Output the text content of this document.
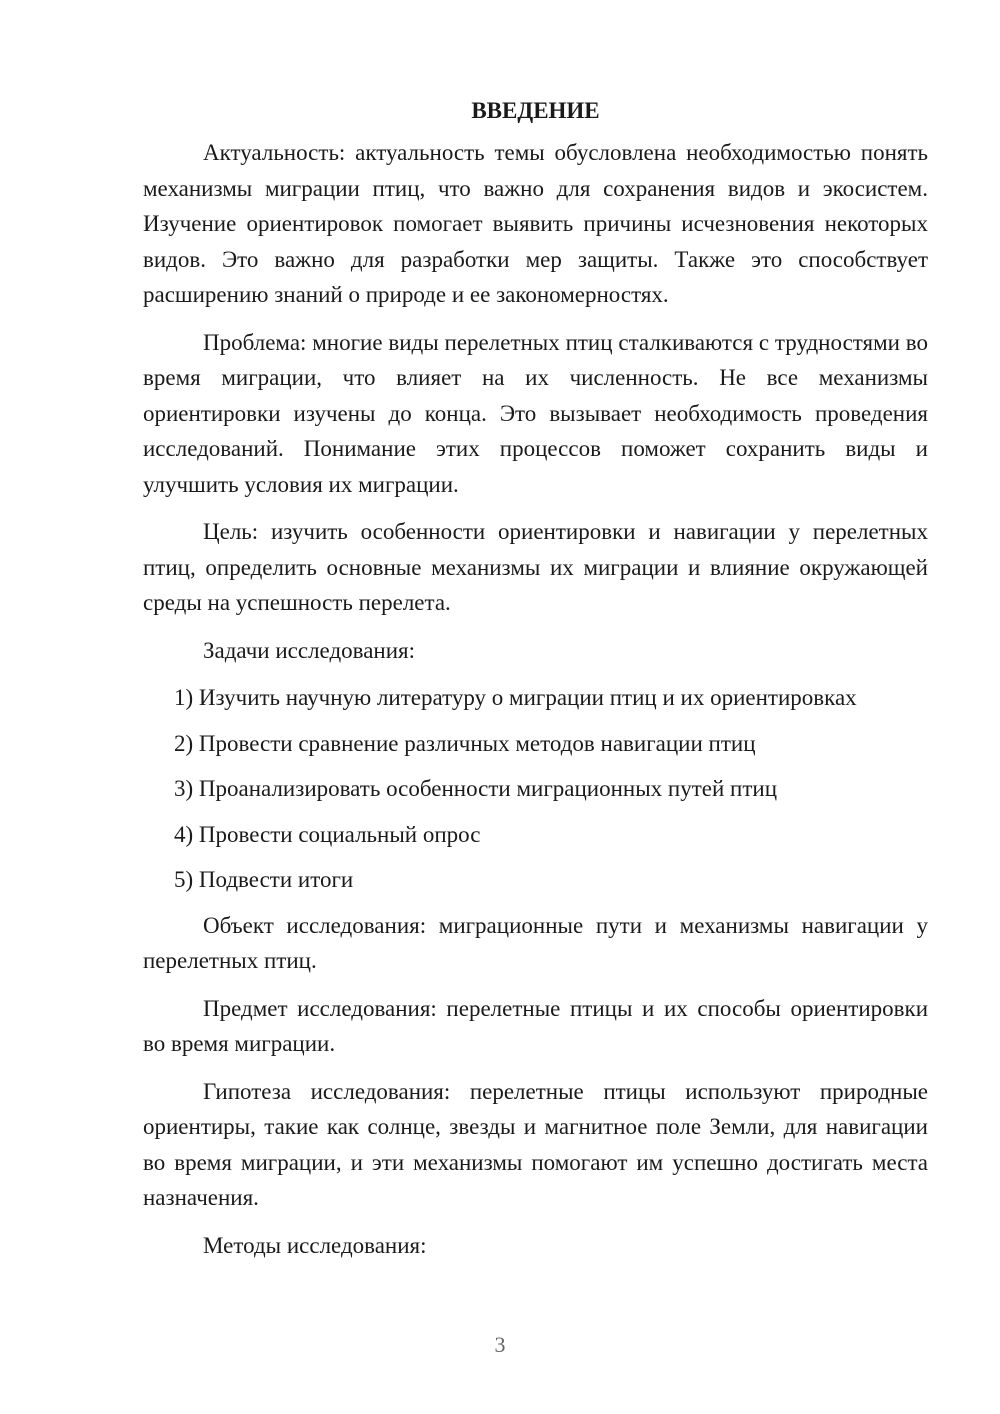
ВВЕДЕНИЕ

Актуальность: актуальность темы обусловлена необходимостью понять механизмы миграции птиц, что важно для сохранения видов и экосистем. Изучение ориентировок помогает выявить причины исчезновения некоторых видов. Это важно для разработки мер защиты. Также это способствует расширению знаний о природе и ее закономерностях.

Проблема: многие виды перелетных птиц сталкиваются с трудностями во время миграции, что влияет на их численность. Не все механизмы ориентировки изучены до конца. Это вызывает необходимость проведения исследований. Понимание этих процессов поможет сохранить виды и улучшить условия их миграции.

Цель: изучить особенности ориентировки и навигации у перелетных птиц, определить основные механизмы их миграции и влияние окружающей среды на успешность перелета.

Задачи исследования:

1) Изучить научную литературу о миграции птиц и их ориентировках
2) Провести сравнение различных методов навигации птиц
3) Проанализировать особенности миграционных путей птиц
4) Провести социальный опрос
5) Подвести итоги

Объект исследования: миграционные пути и механизмы навигации у перелетных птиц.

Предмет исследования: перелетные птицы и их способы ориентировки во время миграции.

Гипотеза исследования: перелетные птицы используют природные ориентиры, такие как солнце, звезды и магнитное поле Земли, для навигации во время миграции, и эти механизмы помогают им успешно достигать места назначения.

Методы исследования:

3
